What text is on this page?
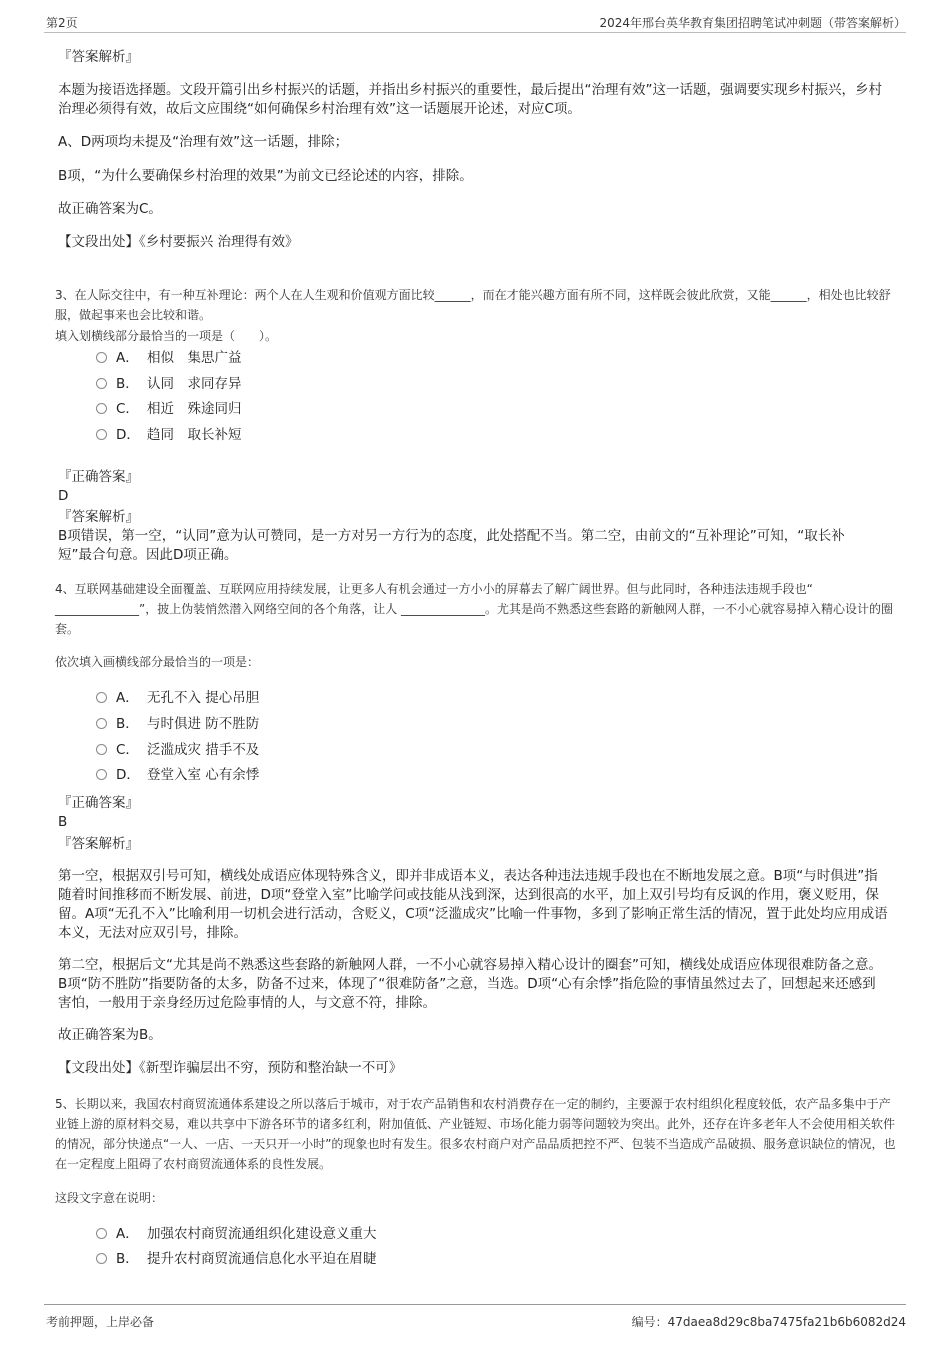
第2页	2024年邢台英华教育集团招聘笔试冲刺题（带答案解析）
『答案解析』
本题为接语选择题。文段开篇引出乡村振兴的话题，并指出乡村振兴的重要性，最后提出“治理有效”这一话题，强调要实现乡村振兴，乡村治理必须得有效，故后文应围绕“如何确保乡村治理有效”这一话题展开论述，对应C项。
A、D两项均未提及“治理有效”这一话题，排除；
B项，“为什么要确保乡村治理的效果”为前文已经论述的内容，排除。
故正确答案为C。
【文段出处】《乡村要振兴 治理得有效》
3、在人际交往中，有一种互补理论：两个人在人生观和价值观方面比较______，而在才能兴趣方面有所不同，这样既会彼此欣赏，又能______，相处也比较舒服，做起事来也会比较和谐。
填入划横线部分最恰当的一项是（　　）。
A． 相似　集思广益
B． 认同　求同存异
C． 相近　殊途同归
D． 趋同　取长补短
『正确答案』
D
『答案解析』
B项错误，第一空，“认同”意为认可赞同，是一方对另一方行为的态度，此处搭配不当。第二空，由前文的“互补理论”可知，“取长补短”最合句意。因此D项正确。
4、互联网基础建设全面覆盖、互联网应用持续发展，让更多人有机会通过一方小小的屏幕去了解广阔世界。但与此同时，各种违法违规手段也“ ______________”，披上伪装悄然潜入网络空间的各个角落，让人 ______________。尤其是尚不熟悉这些套路的新触网人群，一不小心就容易掉入精心设计的圈套。
依次填入画横线部分最恰当的一项是：
A． 无孔不入 提心吊胆
B． 与时俱进 防不胜防
C． 泛滥成灾 措手不及
D． 登堂入室 心有余悸
『正确答案』
B
『答案解析』
第一空，根据双引号可知，横线处成语应体现特殊含义，即并非成语本义，表达各种违法违规手段也在不断地发展之意。B项“与时俱进”指随着时间推移而不断发展、前进，D项“登堂入室”比喻学问或技能从浅到深，达到很高的水平，加上双引号均有反讽的作用，褒义贬用，保留。A项“无孔不入”比喻利用一切机会进行活动，含贬义，C项“泛滥成灾”比喻一件事物，多到了影响正常生活的情况，置于此处均应用成语本义，无法对应双引号，排除。
第二空，根据后文“尤其是尚不熟悉这些套路的新触网人群，一不小心就容易掉入精心设计的圈套”可知，横线处成语应体现很难防备之意。B项“防不胜防”指要防备的太多，防备不过来，体现了“很难防备”之意，当选。D项“心有余悸”指危险的事情虽然过去了，回想起来还感到害怕，一般用于亲身经历过危险事情的人，与文意不符，排除。
故正确答案为B。
【文段出处】《新型诈骗层出不穷，预防和整治缺一不可》
5、长期以来，我国农村商贸流通体系建设之所以落后于城市，对于农产品销售和农村消费存在一定的制约，主要源于农村组织化程度较低，农产品多集中于产业链上游的原材料交易，难以共享中下游各环节的诸多红利，附加值低、产业链短、市场化能力弱等问题较为突出。此外，还存在许多老年人不会使用相关软件的情况，部分快递点“一人、一店、一天只开一小时”的现象也时有发生。很多农村商户对产品品质把控不严、包装不当造成产品破损、服务意识缺位的情况，也在一定程度上阻碍了农村商贸流通体系的良性发展。
这段文字意在说明：
A． 加强农村商贸流通组织化建设意义重大
B． 提升农村商贸流通信息化水平迫在眉睫
考前押题，上岸必备	编号：47daea8d29c8ba7475fa21b6b6082d24
